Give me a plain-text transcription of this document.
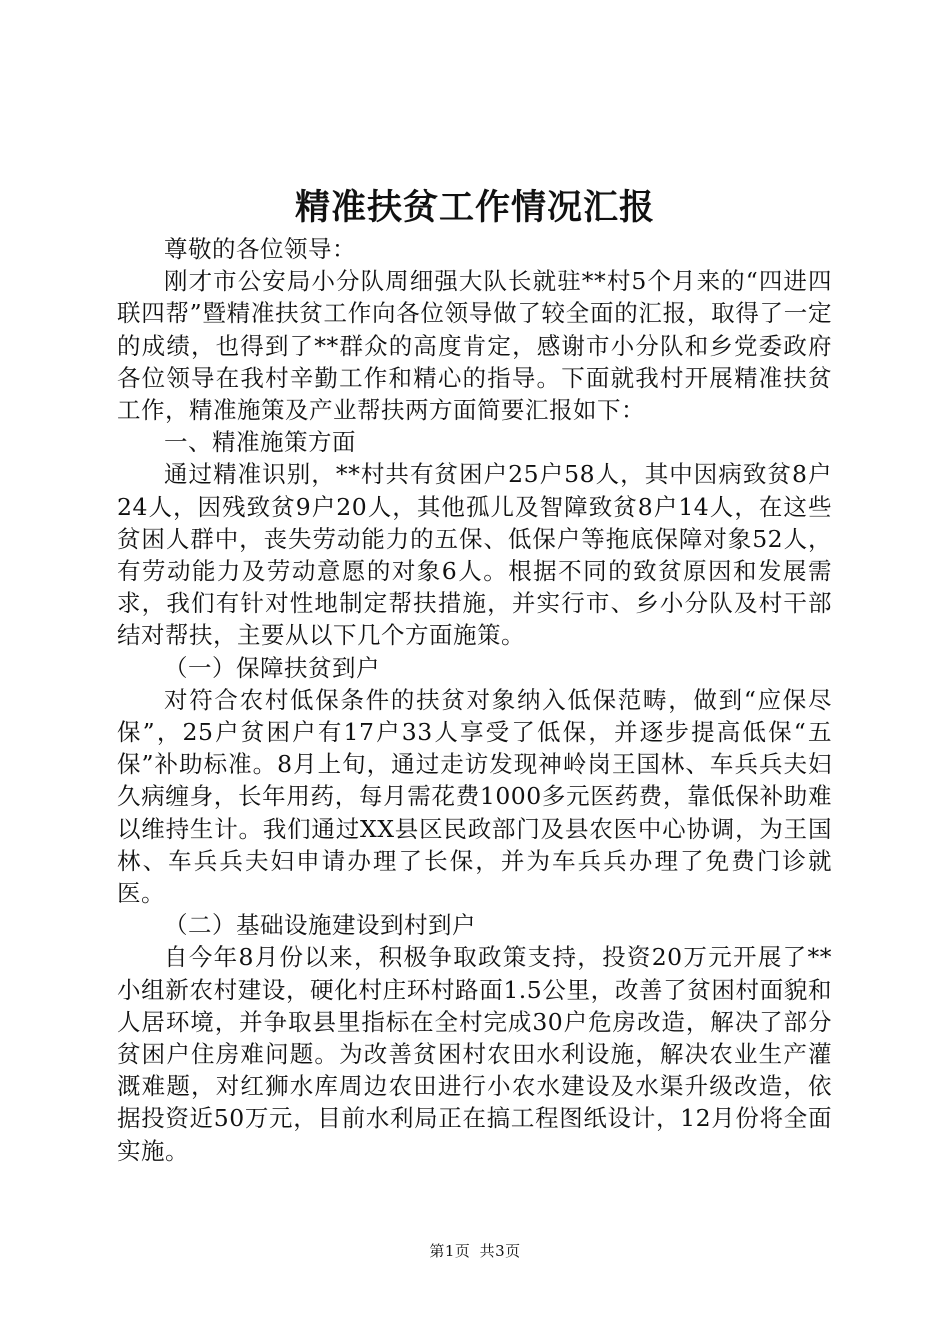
精准扶贫工作情况汇报

尊敬的各位领导：

刚才市公安局小分队周细强大队长就驻**村5个月来的“四进四联四帮”暨精准扶贫工作向各位领导做了较全面的汇报，取得了一定的成绩，也得到了**群众的高度肯定，感谢市小分队和乡党委政府各位领导在我村辛勤工作和精心的指导。下面就我村开展精准扶贫工作，精准施策及产业帮扶两方面简要汇报如下：

一、精准施策方面

通过精准识别，**村共有贫困户25户58人，其中因病致贫8户24人，因残致贫9户20人，其他孤儿及智障致贫8户14人，在这些贫困人群中，丧失劳动能力的五保、低保户等拖底保障对象52人，有劳动能力及劳动意愿的对象6人。根据不同的致贫原因和发展需求，我们有针对性地制定帮扶措施，并实行市、乡小分队及村干部结对帮扶，主要从以下几个方面施策。

（一）保障扶贫到户

对符合农村低保条件的扶贫对象纳入低保范畴，做到“应保尽保”，25户贫困户有17户33人享受了低保，并逐步提高低保“五保”补助标准。8月上旬，通过走访发现神岭岗王国林、车兵兵夫妇久病缠身，长年用药，每月需花费1000多元医药费，靠低保补助难以维持生计。我们通过XX县区民政部门及县农医中心协调，为王国林、车兵兵夫妇申请办理了长保，并为车兵兵办理了免费门诊就医。

（二）基础设施建设到村到户

自今年8月份以来，积极争取政策支持，投资20万元开展了**小组新农村建设，硬化村庄环村路面1.5公里，改善了贫困村面貌和人居环境，并争取县里指标在全村完成30户危房改造，解决了部分贫困户住房难问题。为改善贫困村农田水利设施，解决农业生产灌溉难题，对红狮水库周边农田进行小农水建设及水渠升级改造，依据投资近50万元，目前水利局正在搞工程图纸设计，12月份将全面实施。

第1页 共3页
